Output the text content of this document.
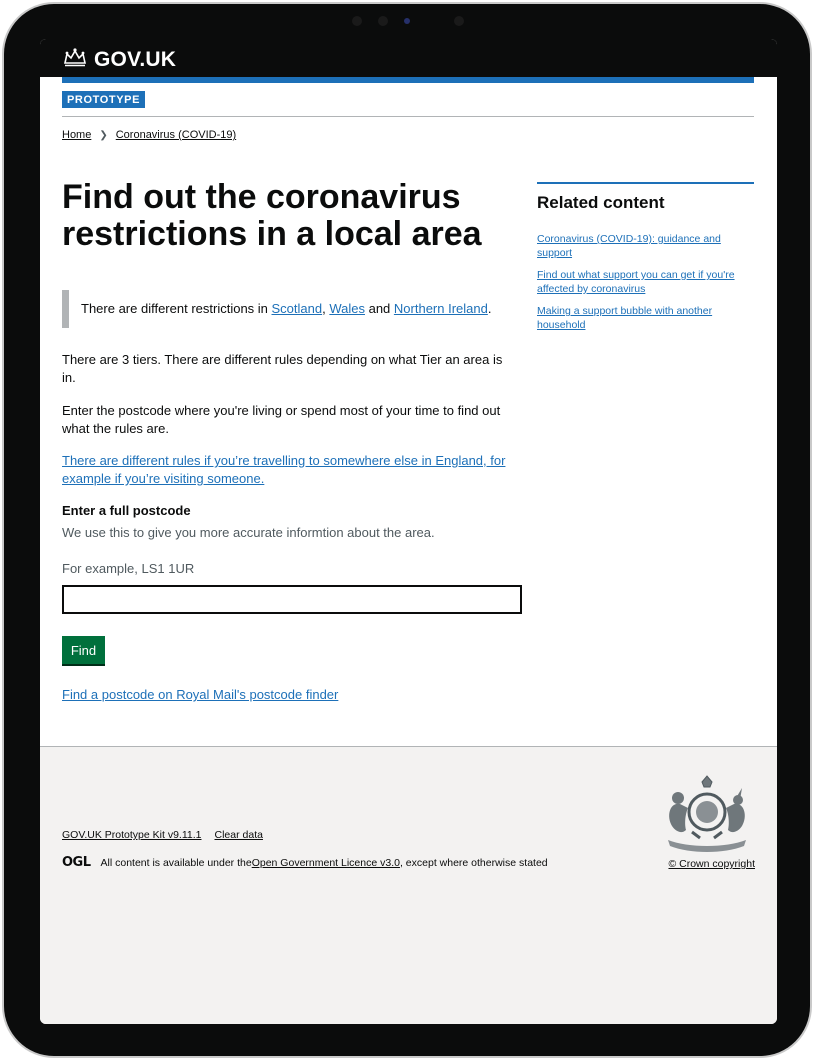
GOV.UK
PROTOTYPE
Home ❯ Coronavirus (COVID-19)
Find out the coronavirus restrictions in a local area

There are different restrictions in Scotland, Wales and Northern Ireland.

There are 3 tiers. There are different rules depending on what Tier an area is in.

Enter the postcode where you're living or spend most of your time to find out what the rules are.

There are different rules if you’re travelling to somewhere else in England, for example if you’re visiting someone.
Enter a full postcode
We use this to give you more accurate informtion about the area.
For example, LS1 1UR
Find
Find a postcode on Royal Mail's postcode finder
Related content
Coronavirus (COVID-19): guidance and support
Find out what support you can get if you're affected by coronavirus
Making a support bubble with another household
GOV.UK Prototype Kit v9.11.1 Clear data
OGL All content is available under the Open Government Licence v3.0 , except where otherwise stated	© Crown copyright
